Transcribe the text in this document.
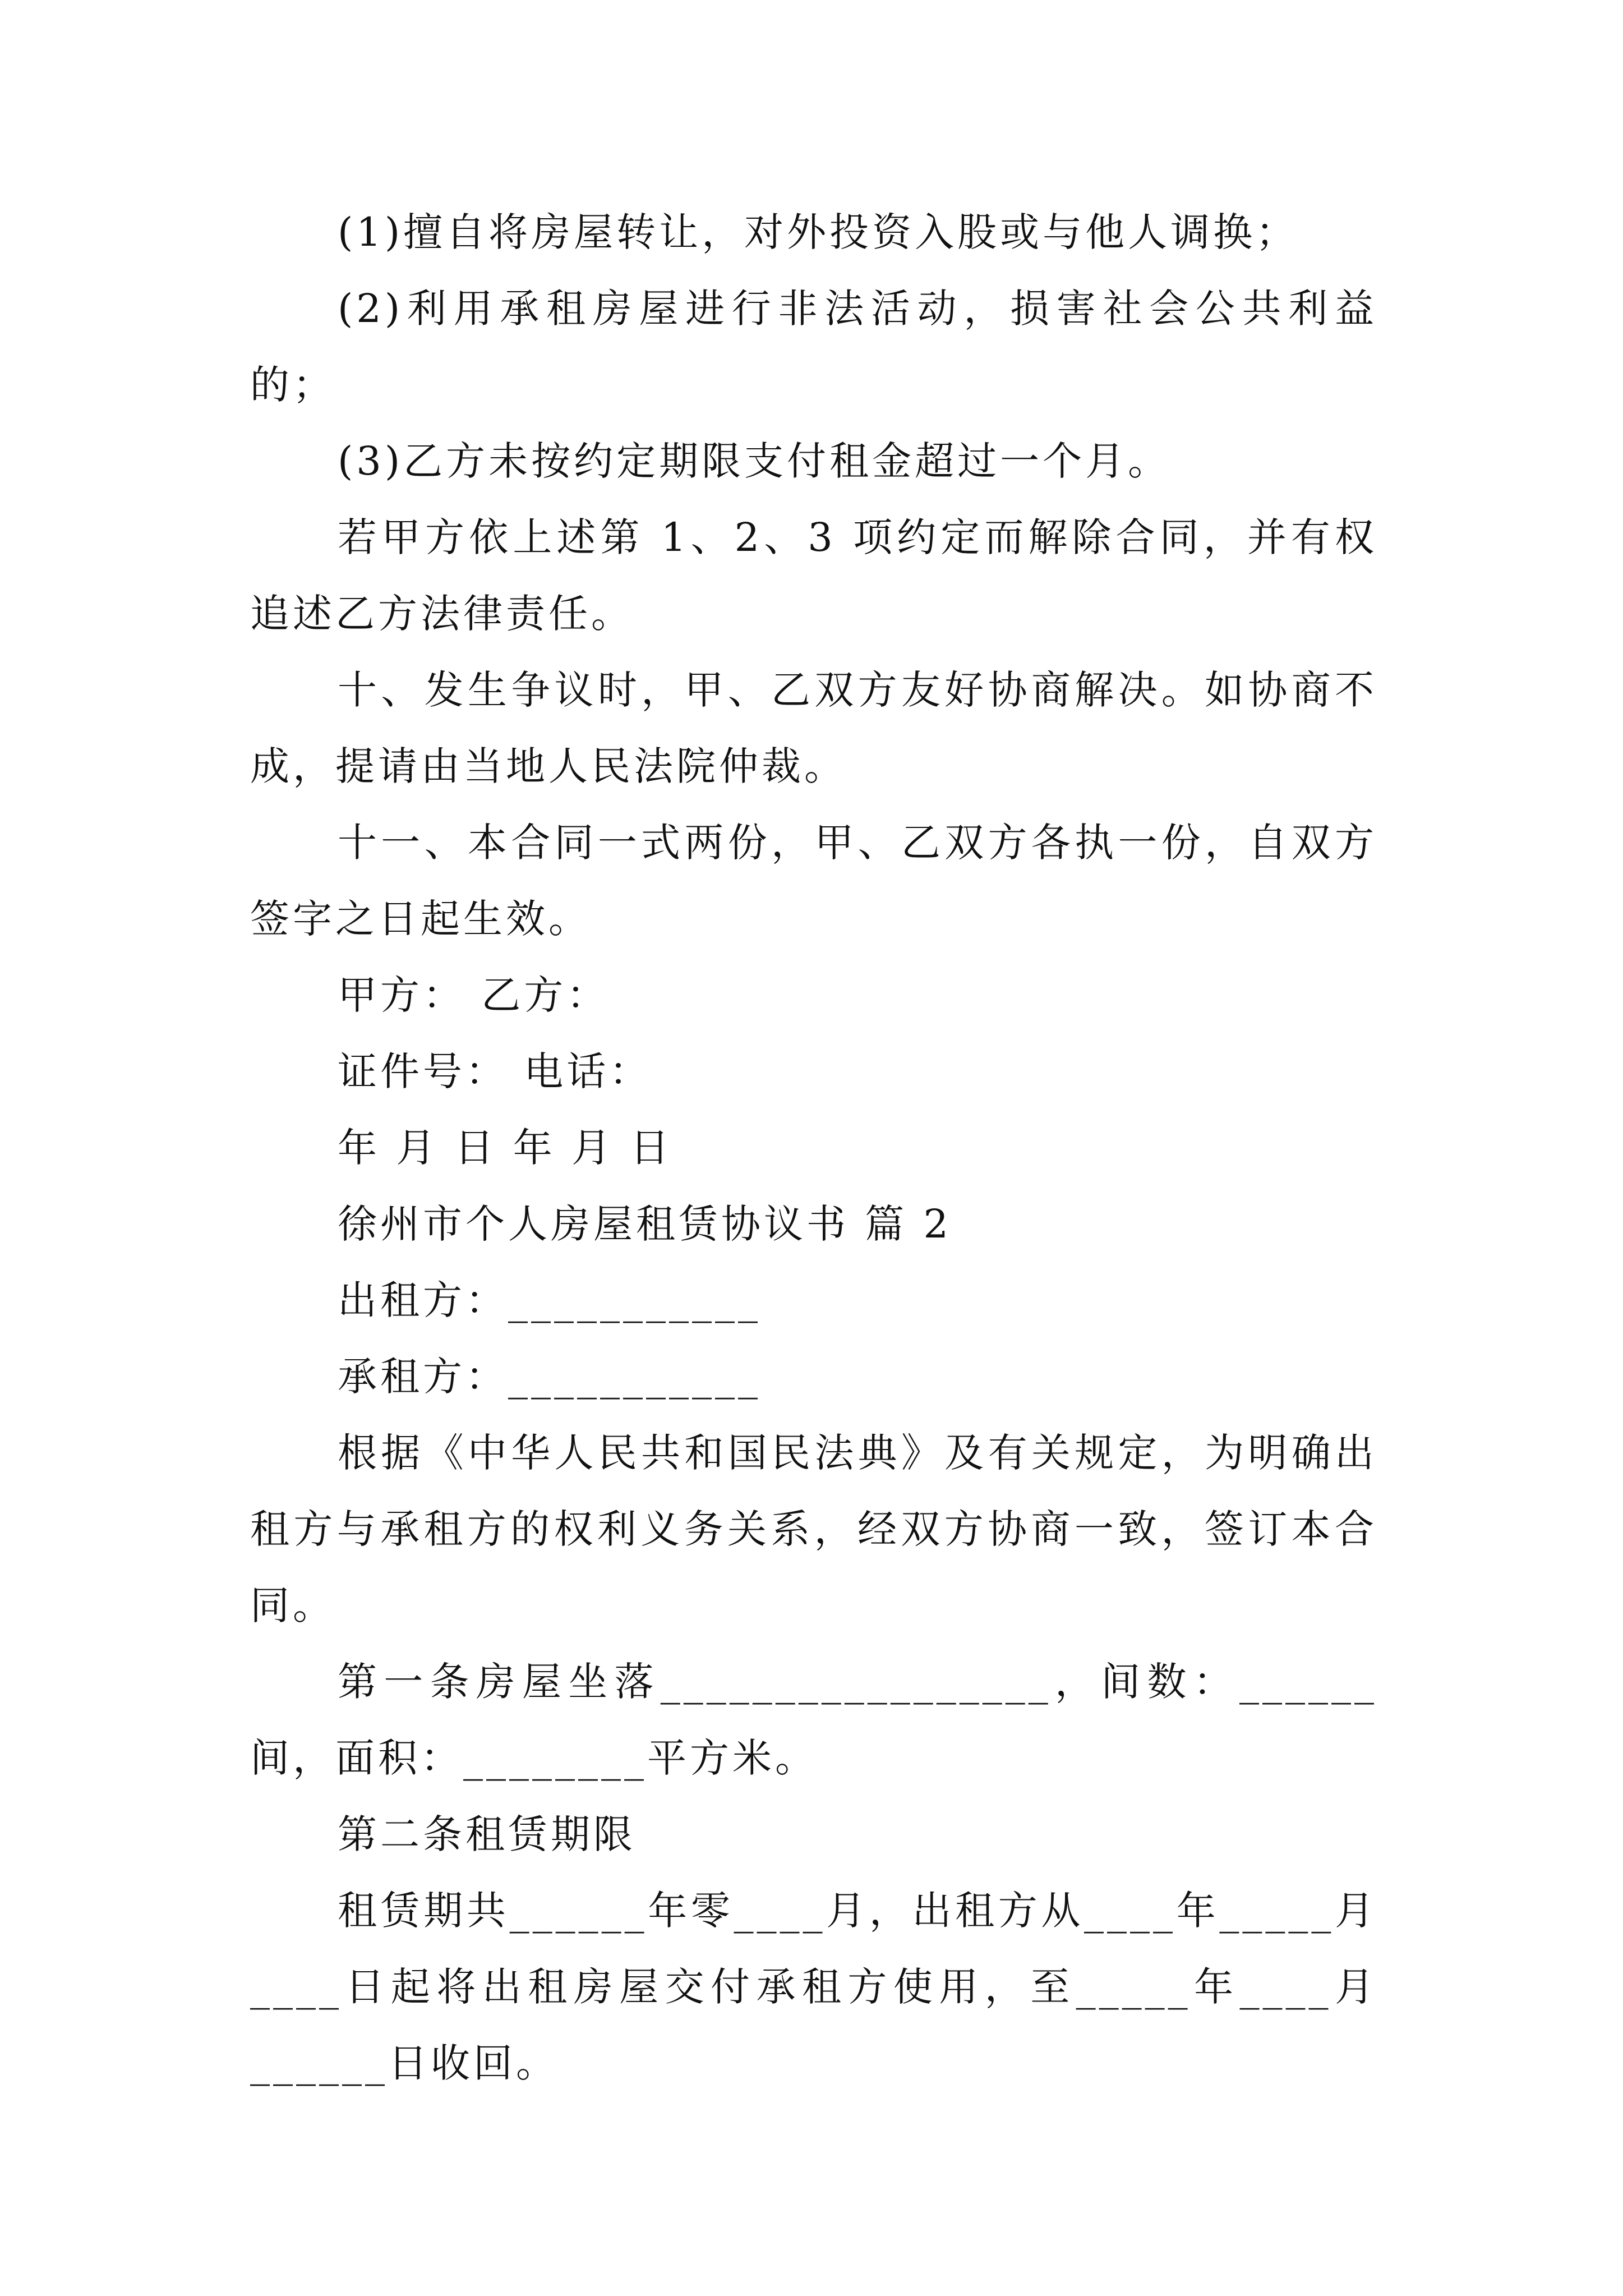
(1)擅自将房屋转让，对外投资入股或与他人调换；

(2)利用承租房屋进行非法活动，损害社会公共利益的；

(3)乙方未按约定期限支付租金超过一个月。

若甲方依上述第 1、2、3 项约定而解除合同，并有权追述乙方法律责任。

十、发生争议时，甲、乙双方友好协商解决。如协商不成，提请由当地人民法院仲裁。

十一、本合同一式两份，甲、乙双方各执一份，自双方签字之日起生效。

甲方： 乙方：

证件号： 电话：

年 月 日 年 月 日

徐州市个人房屋租赁协议书 篇 2

出租方：___________

承租方：___________

根据《中华人民共和国民法典》及有关规定，为明确出租方与承租方的权利义务关系，经双方协商一致，签订本合同。

第一条房屋坐落_________________，间数：______间，面积：________平方米。

第二条租赁期限

租赁期共______年零____月，出租方从____年_____月____日起将出租房屋交付承租方使用，至_____年____月______日收回。
